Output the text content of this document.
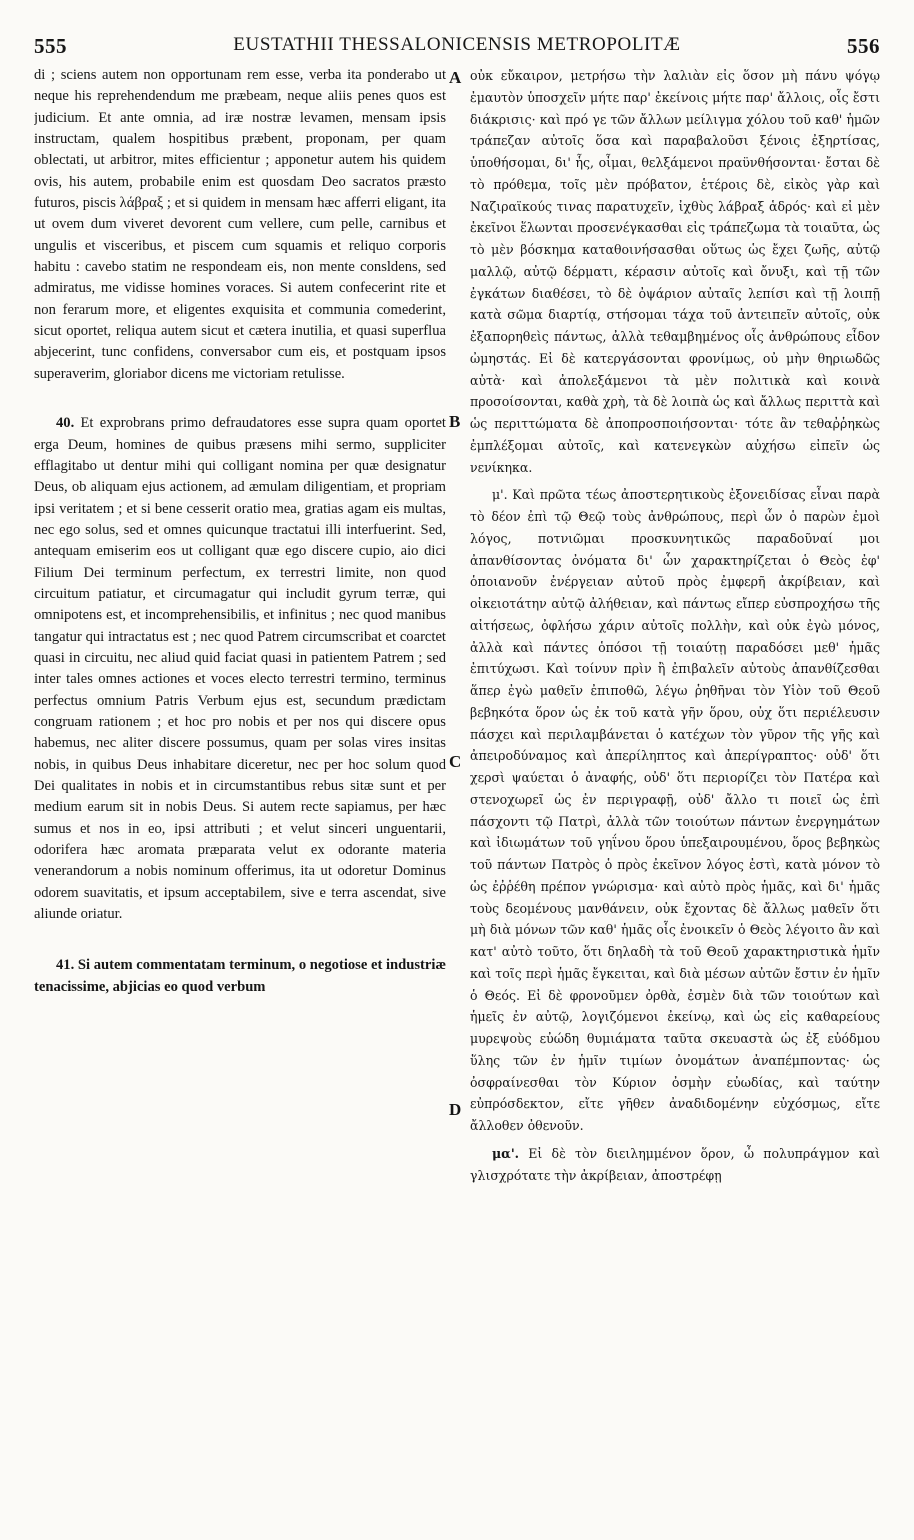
555	EUSTATHII THESSALONICENSIS METROPOLITÆ	556
A
B
C
D

di ; sciens autem non opportunam rem esse, verba ita ponderabo ut neque his reprehendendum me præbeam, neque aliis penes quos est judicium. Et ante omnia, ad iræ nostræ levamen, mensam ipsis instructam, qualem hospitibus præbent, proponam, per quam oblectati, ut arbitror, mites efficientur ; apponetur autem his quidem ovis, his autem, probabile enim est quosdam Deo sacratos præsto futuros, piscis λάβραξ ; et si quidem in mensam hæc afferri eligant, ita ut ovem dum viveret devorent cum vellere, cum pelle, carnibus et ungulis et visceribus, et piscem cum squamis et reliquo corporis habitu : cavebo statim ne respondeam eis, non mente consldens, sed admiratus, me vidisse homines voraces. Si autem confecerint rite et non ferarum more, et eligentes exquisita et communia comederint, sicut oportet, reliqua autem sicut et cætera inutilia, et quasi superflua abjecerint, tunc confidens, conversabor cum eis, et postquam ipsos superaverim, gloriabor dicens me victoriam retulisse.

40. Et exprobrans primo defraudatores esse supra quam oportet erga Deum, homines de quibus præsens mihi sermo, suppliciter efflagitabo ut dentur mihi qui colligant nomina per quæ designatur Deus, ob aliquam ejus actionem, ad æmulam diligentiam, et propriam ipsi veritatem ; et si bene cesserit oratio mea, gratias agam eis multas, nec ego solus, sed et omnes quicunque tractatui illi interfuerint. Sed, antequam emiserim eos ut colligant quæ ego discere cupio, aio dici Filium Dei terminum perfectum, ex terrestri limite, non quod circuitum patiatur, et circumagatur qui includit gyrum terræ, qui omnipotens est, et incomprehensibilis, et infinitus ; nec quod manibus tangatur qui intractatus est ; nec quod Patrem circumscribat et coarctet quasi in circuitu, nec aliud quid faciat quasi in patientem Patrem ; sed inter tales omnes actiones et voces electo terrestri termino, terminus perfectus omnium Patris Verbum ejus est, secundum prædictam congruam rationem ; et hoc pro nobis et per nos qui discere opus habemus, nec aliter discere possumus, quam per solas vires insitas nobis, in quibus Deus inhabitare diceretur, nec per hoc solum quod Dei qualitates in nobis et in circumstantibus rebus sitæ sunt et per medium earum sit in nobis Deus. Si autem recte sapiamus, per hæc sumus et nos in eo, ipsi attributi ; et velut sinceri unguentarii, odorifera hæc aromata præparata velut ex odorante materia venerandorum a nobis nominum offerimus, ita ut odoretur Dominus odorem suavitatis, et ipsum acceptabilem, sive e terra ascendat, sive aliunde oriatur.

41. Si autem commentatam terminum, o negotiose et industriæ tenacissime, abjicias eo quod verbum

οὐκ εὔκαιρον, μετρήσω τὴν λαλιὰν εἰς ὅσον μὴ πάνυ ψόγῳ ἐμαυτὸν ὑποσχεῖν μήτε παρ' ἐκείνοις μήτε παρ' ἄλλοις, οἷς ἔστι διάκρισις· καὶ πρό γε τῶν ἄλλων μείλιγμα χόλου τοῦ καθ' ἡμῶν τράπεζαν αὐτοῖς ὅσα καὶ παραβαλοῦσι ξένοις ἐξηρτίσας, ὑποθήσομαι, δι' ἧς, οἶμαι, θελξάμενοι πραϋνθήσονται· ἔσται δὲ τὸ πρόθεμα, τοῖς μὲν πρόβατον, ἑτέροις δὲ, εἰκὸς γὰρ καὶ Ναζιραϊκούς τινας παρατυχεῖν, ἰχθὺς λάβραξ ἁδρός· καὶ εἰ μὲν ἐκεῖνοι ἕλωνται προσενέγκασθαι εἰς τράπεζωμα τὰ τοιαῦτα, ὡς τὸ μὲν βόσκημα καταθοινήσασθαι οὕτως ὡς ἔχει ζωῆς, αὐτῷ μαλλῷ, αὐτῷ δέρματι, κέρασιν αὐτοῖς καὶ ὄνυξι, καὶ τῇ τῶν ἐγκάτων διαθέσει, τὸ δὲ ὀψάριον αὐταῖς λεπίσι καὶ τῇ λοιπῇ κατὰ σῶμα διαρτίᾳ, στήσομαι τάχα τοῦ ἀντειπεῖν αὐτοῖς, οὐκ ἐξαπορηθεὶς πάντως, ἀλλὰ τεθαμβημένος οἷς ἀνθρώπους εἶδον ὠμηστάς. Εἰ δὲ κατεργάσονται φρονίμως, οὐ μὴν θηριωδῶς αὐτὰ· καὶ ἀπολεξάμενοι τὰ μὲν πολιτικὰ καὶ κοινὰ προσοίσονται, καθὰ χρὴ, τὰ δὲ λοιπὰ ὡς καὶ ἄλλως περιττὰ καὶ ὡς περιττώματα δὲ ἀποπροσποιήσονται· τότε ἂν τεθαῤῥηκὼς ἐμπλέξομαι αὐτοῖς, καὶ κατενεγκὼν αὐχήσω εἰπεῖν ὡς νενίκηκα.

μ'. Καὶ πρῶτα τέως ἀποστερητικοὺς ἐξονειδίσας εἶναι παρὰ τὸ δέον ἐπὶ τῷ Θεῷ τοὺς ἀνθρώπους, περὶ ὧν ὁ παρὼν ἐμοὶ λόγος, ποτνιῶμαι προσκυνητικῶς παραδοῦναί μοι ἀπανθίσοντας ὀνόματα δι' ὧν χαρακτηρίζεται ὁ Θεὸς ἐφ' ὁποιανοῦν ἐνέργειαν αὐτοῦ πρὸς ἐμφερῆ ἀκρίβειαν, καὶ οἰκειοτάτην αὐτῷ ἀλήθειαν, καὶ πάντως εἴπερ εὐσπροχήσω τῆς αἰτήσεως, ὀφλήσω χάριν αὐτοῖς πολλὴν, καὶ οὐκ ἐγὼ μόνος, ἀλλὰ καὶ πάντες ὁπόσοι τῇ τοιαύτῃ παραδόσει μεθ' ἡμᾶς ἐπιτύχωσι. Καὶ τοίνυν πρὶν ἢ ἐπιβαλεῖν αὐτοὺς ἀπανθίζεσθαι ἅπερ ἐγὼ μαθεῖν ἐπιποθῶ, λέγω ῥηθῆναι τὸν Υἱὸν τοῦ Θεοῦ βεβηκότα ὅρον ὡς ἐκ τοῦ κατὰ γῆν ὅρου, οὐχ ὅτι περιέλευσιν πάσχει καὶ περιλαμβάνεται ὁ κατέχων τὸν γῦρον τῆς γῆς καὶ ἀπειροδύναμος καὶ ἀπερίληπτος καὶ ἀπερίγραπτος· οὐδ' ὅτι χερσὶ ψαύεται ὁ ἀναφής, οὐδ' ὅτι περιορίζει τὸν Πατέρα καὶ στενοχωρεῖ ὡς ἐν περιγραφῇ, οὐδ' ἄλλο τι ποιεῖ ὡς ἐπὶ πάσχοντι τῷ Πατρὶ, ἀλλὰ τῶν τοιούτων πάντων ἐνεργημάτων καὶ ἰδιωμάτων τοῦ γηΐνου ὅρου ὑπεξαιρουμένου, ὅρος βεβηκὼς τοῦ πάντων Πατρὸς ὁ πρὸς ἐκεῖνον λόγος ἐστὶ, κατὰ μόνον τὸ ὡς ἐῤῥέθη πρέπον γνώρισμα· καὶ αὐτὸ πρὸς ἡμᾶς, καὶ δι' ἡμᾶς τοὺς δεομένους μανθάνειν, οὐκ ἔχοντας δὲ ἄλλως μαθεῖν ὅτι μὴ διὰ μόνων τῶν καθ' ἡμᾶς οἷς ἐνοικεῖν ὁ Θεὸς λέγοιτο ἂν καὶ κατ' αὐτὸ τοῦτο, ὅτι δηλαδὴ τὰ τοῦ Θεοῦ χαρακτηριστικὰ ἡμῖν καὶ τοῖς περὶ ἡμᾶς ἔγκειται, καὶ διὰ μέσων αὐτῶν ἔστιν ἐν ἡμῖν ὁ Θεός. Εἰ δὲ φρονοῦμεν ὀρθὰ, ἐσμὲν διὰ τῶν τοιούτων καὶ ἡμεῖς ἐν αὐτῷ, λογιζόμενοι ἐκείνῳ, καὶ ὡς εἰς καθαρείους μυρεψοὺς εὐώδη θυμιάματα ταῦτα σκευαστὰ ὡς ἐξ εὐόδμου ὕλης τῶν ἐν ἡμῖν τιμίων ὀνομάτων ἀναπέμποντας· ὡς ὀσφραίνεσθαι τὸν Κύριον ὀσμὴν εὐωδίας, καὶ ταύτην εὐπρόσδεκτον, εἴτε γῆθεν ἀναδιδομένην εὐχόσμως, εἴτε ἄλλοθεν ὀθενοῦν.

μα'. Εἰ δὲ τὸν διειλημμένον ὅρον, ὦ πολυπράγμον καὶ γλισχρότατε τὴν ἀκρίβειαν, ἀποστρέφῃ
